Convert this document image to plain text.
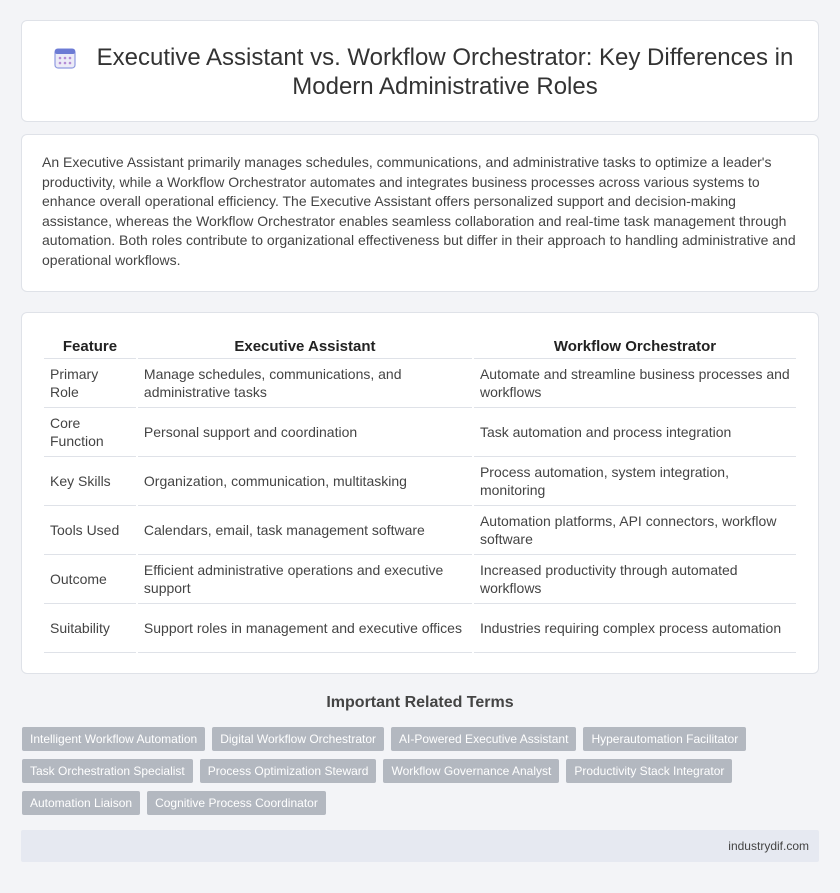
Executive Assistant vs. Workflow Orchestrator: Key Differences in Modern Administrative Roles

An Executive Assistant primarily manages schedules, communications, and administrative tasks to optimize a leader's productivity, while a Workflow Orchestrator automates and integrates business processes across various systems to enhance overall operational efficiency. The Executive Assistant offers personalized support and decision-making assistance, whereas the Workflow Orchestrator enables seamless collaboration and real-time task management through automation. Both roles contribute to organizational effectiveness but differ in their approach to handling administrative and operational workflows.

Feature	Executive Assistant	Workflow Orchestrator
Primary Role	Manage schedules, communications, and administrative tasks	Automate and streamline business processes and workflows
Core Function	Personal support and coordination	Task automation and process integration
Key Skills	Organization, communication, multitasking	Process automation, system integration, monitoring
Tools Used	Calendars, email, task management software	Automation platforms, API connectors, workflow software
Outcome	Efficient administrative operations and executive support	Increased productivity through automated workflows
Suitability	Support roles in management and executive offices	Industries requiring complex process automation
Important Related Terms
Intelligent Workflow Automation	Digital Workflow Orchestrator	AI-Powered Executive Assistant	Hyperautomation Facilitator
Task Orchestration Specialist	Process Optimization Steward	Workflow Governance Analyst	Productivity Stack Integrator
Automation Liaison	Cognitive Process Coordinator
industrydif.com
